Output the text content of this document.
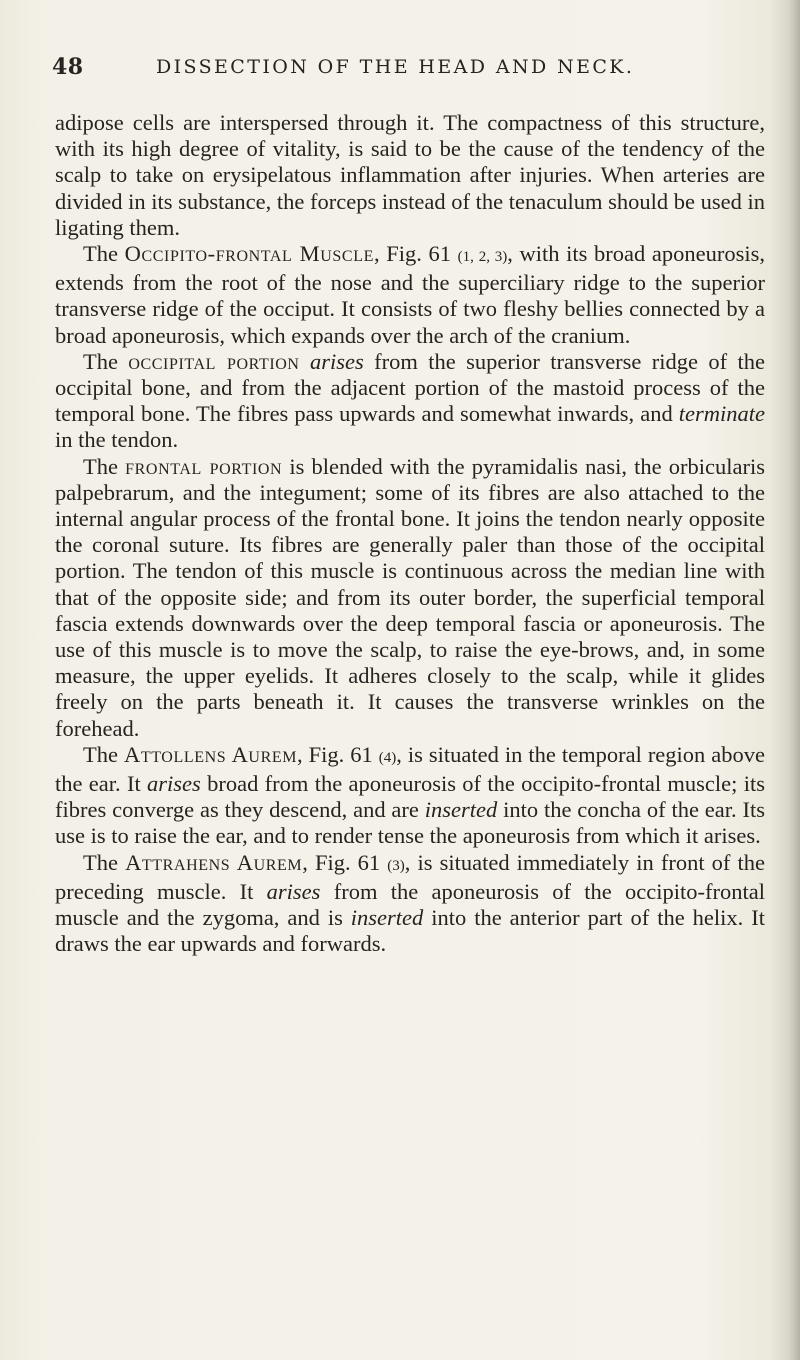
48	DISSECTION OF THE HEAD AND NECK.

adipose cells are interspersed through it. The compactness of this structure, with its high degree of vitality, is said to be the cause of the tendency of the scalp to take on erysipelatous inflammation after injuries. When arteries are divided in its substance, the forceps instead of the tenaculum should be used in ligating them.

The Occipito-frontal Muscle, Fig. 61 (1, 2, 3), with its broad aponeurosis, extends from the root of the nose and the superciliary ridge to the superior transverse ridge of the occiput. It consists of two fleshy bellies connected by a broad aponeurosis, which expands over the arch of the cranium.

The occipital portion arises from the superior transverse ridge of the occipital bone, and from the adjacent portion of the mastoid process of the temporal bone. The fibres pass upwards and somewhat inwards, and terminate in the tendon.

The frontal portion is blended with the pyramidalis nasi, the orbicularis palpebrarum, and the integument; some of its fibres are also attached to the internal angular process of the frontal bone. It joins the tendon nearly opposite the coronal suture. Its fibres are generally paler than those of the occipital portion. The tendon of this muscle is continuous across the median line with that of the opposite side; and from its outer border, the superficial temporal fascia extends downwards over the deep temporal fascia or aponeurosis. The use of this muscle is to move the scalp, to raise the eye-brows, and, in some measure, the upper eyelids. It adheres closely to the scalp, while it glides freely on the parts beneath it. It causes the transverse wrinkles on the forehead.

The Attollens Aurem, Fig. 61 (4), is situated in the temporal region above the ear. It arises broad from the aponeurosis of the occipito-frontal muscle; its fibres converge as they descend, and are inserted into the concha of the ear. Its use is to raise the ear, and to render tense the aponeurosis from which it arises.

The Attrahens Aurem, Fig. 61 (3), is situated immediately in front of the preceding muscle. It arises from the aponeurosis of the occipito-frontal muscle and the zygoma, and is inserted into the anterior part of the helix. It draws the ear upwards and forwards.
